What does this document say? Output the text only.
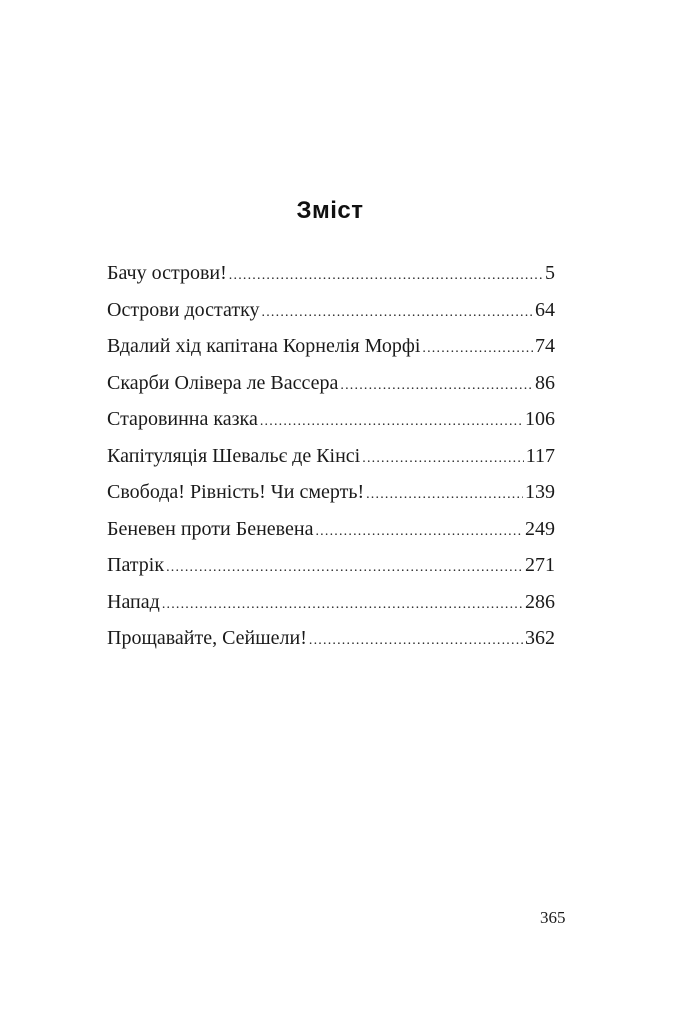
Зміст
Бачу острови! .....	5
Острови достатку .....	64
Вдалий хід капітана Корнелія Морфі .....	74
Скарби Олівера ле Вассера .....	86
Старовинна казка .....	106
Капітуляція Шевальє де Кінсі .....	117
Свобода! Рівність! Чи смерть! .....	139
Беневен проти Беневена .....	249
Патрік .....	271
Напад .....	286
Прощавайте, Сейшели! .....	362
365
